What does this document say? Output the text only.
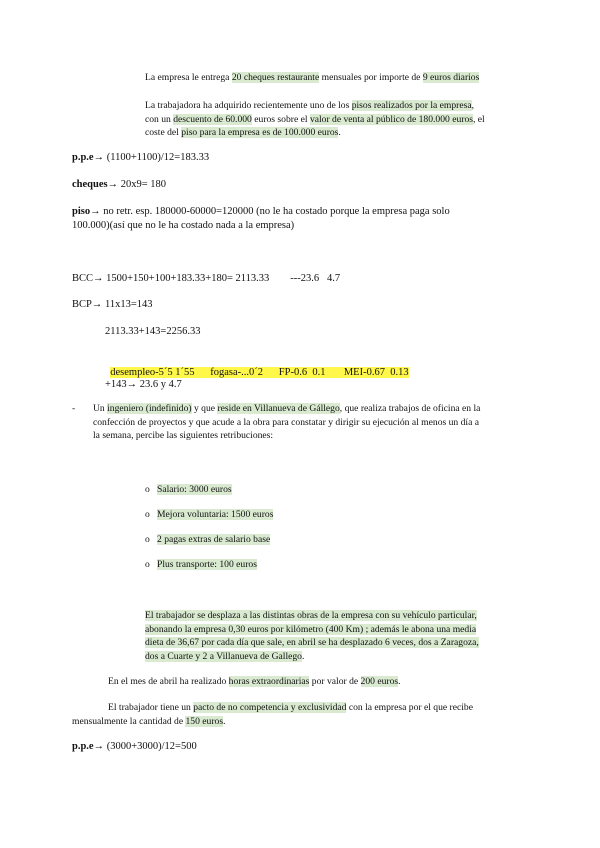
La empresa le entrega 20 cheques restaurante mensuales por importe de 9 euros diarios
La trabajadora ha adquirido recientemente uno de los pisos realizados por la empresa,
con un descuento de 60.000 euros sobre el valor de venta al público de 180.000 euros, el
coste del piso para la empresa es de 100.000 euros.
p.p.e→ (1100+1100)/12=183.33
cheques→ 20x9= 180
piso→ no retr. esp. 180000-60000=120000 (no le ha costado porque la empresa paga solo
100.000)(así que no le ha costado nada a la empresa)
BCC→ 1500+150+100+183.33+180= 2113.33        ---23.6   4.7
BCP→ 11x13=143
2113.33+143=2256.33

desempleo-5´5 1´55      fogasa-...0´2      FP-0.6  0.1       MEI-0.67  0.13

+143→ 23.6 y 4.7
- Un ingeniero (indefinido) y que reside en Villanueva de Gállego, que realiza trabajos de oficina en la
confección de proyectos y que acude a la obra para constatar y dirigir su ejecución al menos un día a
la semana, percibe las siguientes retribuciones:
o Salario: 3000 euros
o Mejora voluntaria: 1500 euros
o 2 pagas extras de salario base
o Plus transporte: 100 euros
El trabajador se desplaza a las distintas obras de la empresa con su vehículo particular,
abonando la empresa 0,30 euros por kilómetro (400 Km) ; además le abona una media
dieta de 36,67 por cada día que sale, en abril se ha desplazado 6 veces, dos a Zaragoza,
dos a Cuarte y 2 a Villanueva de Gallego.
En el mes de abril ha realizado horas extraordinarias por valor de 200 euros.
El trabajador tiene un pacto de no competencia y exclusividad con la empresa por el que recibe
mensualmente la cantidad de 150 euros.
p.p.e→ (3000+3000)/12=500
